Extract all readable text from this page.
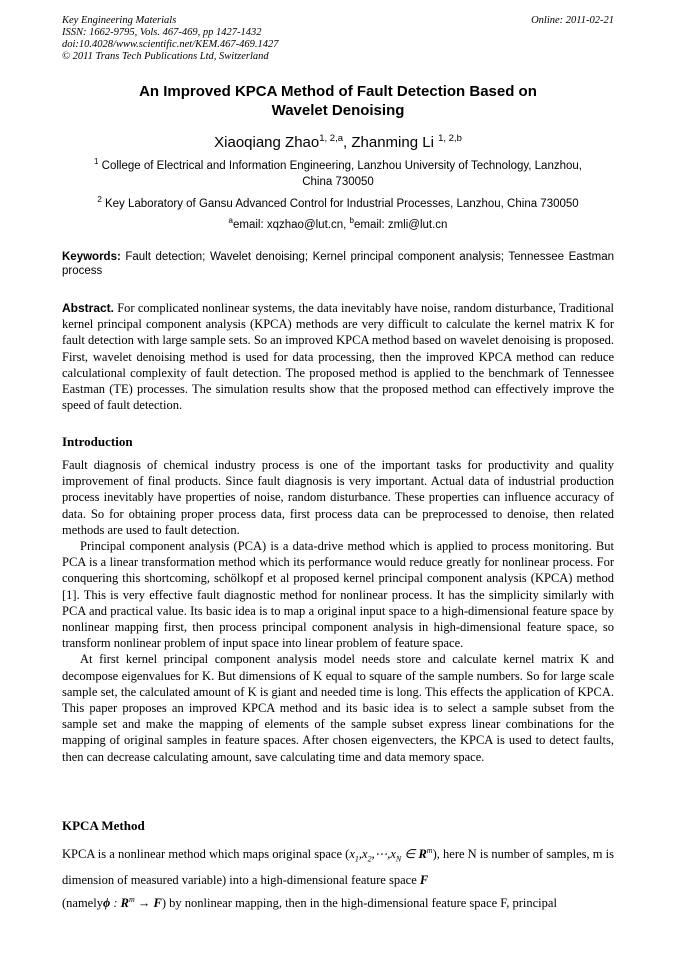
Key Engineering Materials
ISSN: 1662-9795, Vols. 467-469, pp 1427-1432
doi:10.4028/www.scientific.net/KEM.467-469.1427
© 2011 Trans Tech Publications Ltd, Switzerland
Online: 2011-02-21
An Improved KPCA Method of Fault Detection Based on
Wavelet Denoising
Xiaoqiang Zhao$^{1, 2,a}$, Zhanming Li $^{1, 2,b}$
$^1$ College of Electrical and Information Engineering, Lanzhou University of Technology, Lanzhou,
China 730050
$^2$ Key Laboratory of Gansu Advanced Control for Industrial Processes, Lanzhou, China 730050
$^a$email: xqzhao@lut.cn, $^b$email: zmli@lut.cn
Keywords: Fault detection; Wavelet denoising; Kernel principal component analysis; Tennessee Eastman process
Abstract. For complicated nonlinear systems, the data inevitably have noise, random disturbance, Traditional kernel principal component analysis (KPCA) methods are very difficult to calculate the kernel matrix K for fault detection with large sample sets. So an improved KPCA method based on wavelet denoising is proposed. First, wavelet denoising method is used for data processing, then the improved KPCA method can reduce calculational complexity of fault detection. The proposed method is applied to the benchmark of Tennessee Eastman (TE) processes. The simulation results show that the proposed method can effectively improve the speed of fault detection.
Introduction
Fault diagnosis of chemical industry process is one of the important tasks for productivity and quality improvement of final products. Since fault diagnosis is very important. Actual data of industrial production process inevitably have properties of noise, random disturbance. These properties can influence accuracy of data. So for obtaining proper process data, first process data can be preprocessed to denoise, then related methods are used to fault detection.
Principal component analysis (PCA) is a data-drive method which is applied to process monitoring. But PCA is a linear transformation method which its performance would reduce greatly for nonlinear process. For conquering this shortcoming, schölkopf et al proposed kernel principal component analysis (KPCA) method [1]. This is very effective fault diagnostic method for nonlinear process. It has the simplicity similarly with PCA and practical value. Its basic idea is to map a original input space to a high-dimensional feature space by nonlinear mapping first, then process principal component analysis in high-dimensional feature space, so transform nonlinear problem of input space into linear problem of feature space.
At first kernel principal component analysis model needs store and calculate kernel matrix K and decompose eigenvalues for K. But dimensions of K equal to square of the sample numbers. So for large scale sample set, the calculated amount of K is giant and needed time is long. This effects the application of KPCA. This paper proposes an improved KPCA method and its basic idea is to select a sample subset from the sample set and make the mapping of elements of the sample subset express linear combinations for the mapping of original samples in feature spaces. After chosen eigenvecters, the KPCA is used to detect faults, then can decrease calculating amount, save calculating time and data memory space.
KPCA Method
KPCA is a nonlinear method which maps original space ($x_1,x_2,\cdots,x_N$ ∈ $R^m$), here N is number of samples, m is dimension of measured variable) into a high-dimensional feature space F
(namelyϕ : $R^m \to F$) by nonlinear mapping, then in the high-dimensional feature space F, principal
